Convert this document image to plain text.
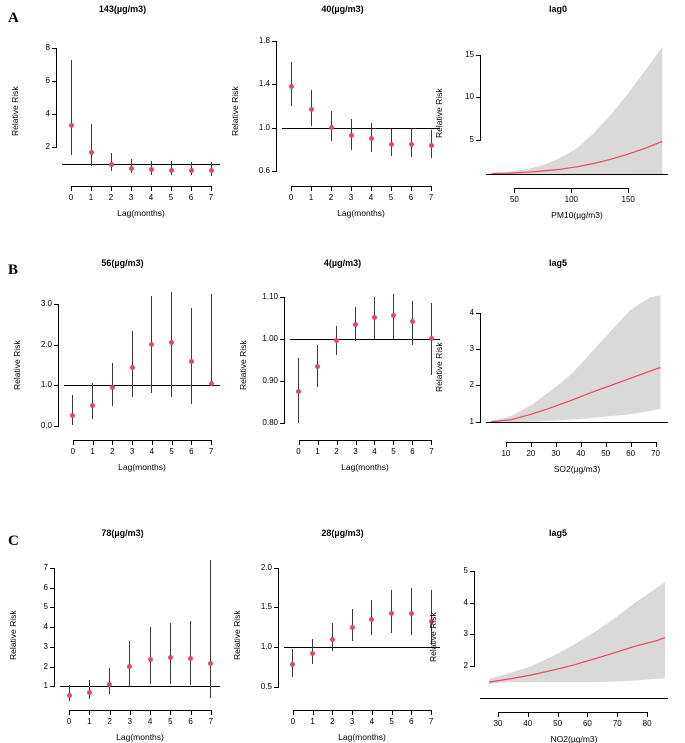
A
B
C
143(µg/m3)
2
4
6
8
Relative Risk
0	1	2	3	4	5	6	7
Lag(months)
40(µg/m3)
0.6
1.0
1.4
1.8
Relative Risk
0	1	2	3	4	5	6	7
Lag(months)
lag0
5
10
15
Relative Risk
50	100	150
PM10(µg/m3)
56(µg/m3)
0.0
1.0
2.0
3.0
Relative Risk
0	1	2	3	4	5	6	7
Lag(months)
4(µg/m3)
0.80
0.90
1.00
1.10
Relative Risk
0	1	2	3	4	5	6	7
Lag(months)
lag5
1
2
3
4
Relative Risk
10	20	30	40	50	60	70
SO2(µg/m3)
78(µg/m3)
1
2
3
4
5
6
7
Relative Risk
0	1	2	3	4	5	6	7
Lag(months)
28(µg/m3)
0.5
1.0
1.5
2.0
Relative Risk
0	1	2	3	4	5	6	7
Lag(months)
lag5
2
3
4
5
Relative Risk
30	40	50	60	70	80
NO2(µg/m3)
